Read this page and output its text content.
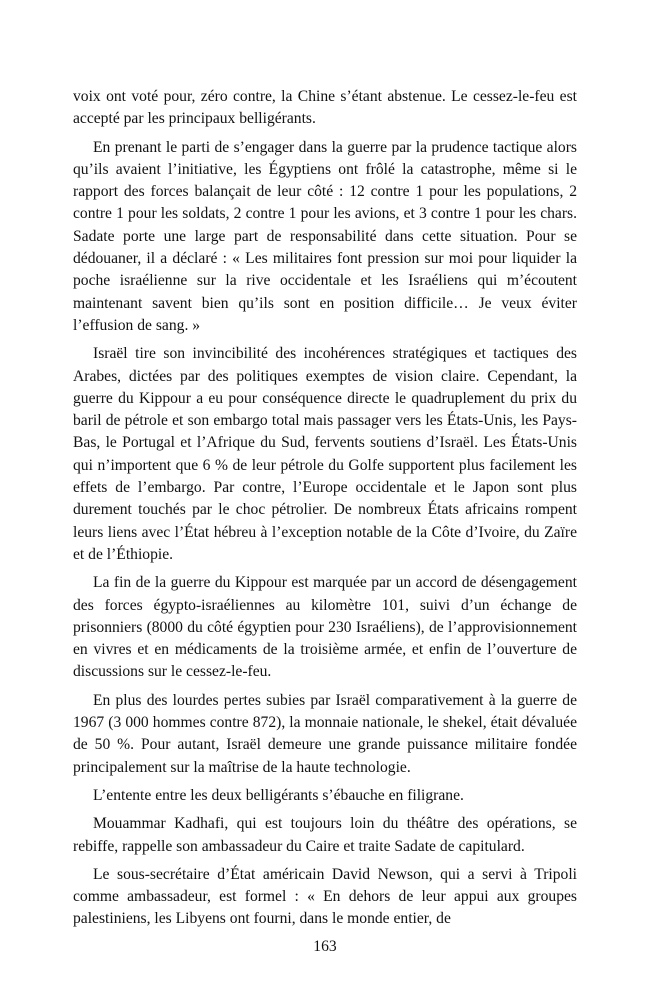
voix ont voté pour, zéro contre, la Chine s’étant abstenue. Le cessez-le-feu est accepté par les principaux belligérants.

En prenant le parti de s’engager dans la guerre par la prudence tactique alors qu’ils avaient l’initiative, les Égyptiens ont frôlé la catastrophe, même si le rapport des forces balançait de leur côté : 12 contre 1 pour les populations, 2 contre 1 pour les soldats, 2 contre 1 pour les avions, et 3 contre 1 pour les chars. Sadate porte une large part de responsabilité dans cette situation. Pour se dédouaner, il a déclaré : « Les militaires font pression sur moi pour liquider la poche israélienne sur la rive occidentale et les Israéliens qui m’écoutent maintenant savent bien qu’ils sont en position difficile… Je veux éviter l’effusion de sang. »

Israël tire son invincibilité des incohérences stratégiques et tactiques des Arabes, dictées par des politiques exemptes de vision claire. Cependant, la guerre du Kippour a eu pour conséquence directe le quadruplement du prix du baril de pétrole et son embargo total mais passager vers les États-Unis, les Pays-Bas, le Portugal et l’Afrique du Sud, fervents soutiens d’Israël. Les États-Unis qui n’importent que 6 % de leur pétrole du Golfe supportent plus facilement les effets de l’embargo. Par contre, l’Europe occidentale et le Japon sont plus durement touchés par le choc pétrolier. De nombreux États africains rompent leurs liens avec l’État hébreu à l’exception notable de la Côte d’Ivoire, du Zaïre et de l’Éthiopie.

La fin de la guerre du Kippour est marquée par un accord de désengagement des forces égypto-israéliennes au kilomètre 101, suivi d’un échange de prisonniers (8000 du côté égyptien pour 230 Israéliens), de l’approvisionnement en vivres et en médicaments de la troisième armée, et enfin de l’ouverture de discussions sur le cessez-le-feu.

En plus des lourdes pertes subies par Israël comparativement à la guerre de 1967 (3 000 hommes contre 872), la monnaie nationale, le shekel, était dévaluée de 50 %. Pour autant, Israël demeure une grande puissance militaire fondée principalement sur la maîtrise de la haute technologie.

L’entente entre les deux belligérants s’ébauche en filigrane.

Mouammar Kadhafi, qui est toujours loin du théâtre des opérations, se rebiffe, rappelle son ambassadeur du Caire et traite Sadate de capitulard.

Le sous-secrétaire d’État américain David Newson, qui a servi à Tripoli comme ambassadeur, est formel : « En dehors de leur appui aux groupes palestiniens, les Libyens ont fourni, dans le monde entier, de

163
